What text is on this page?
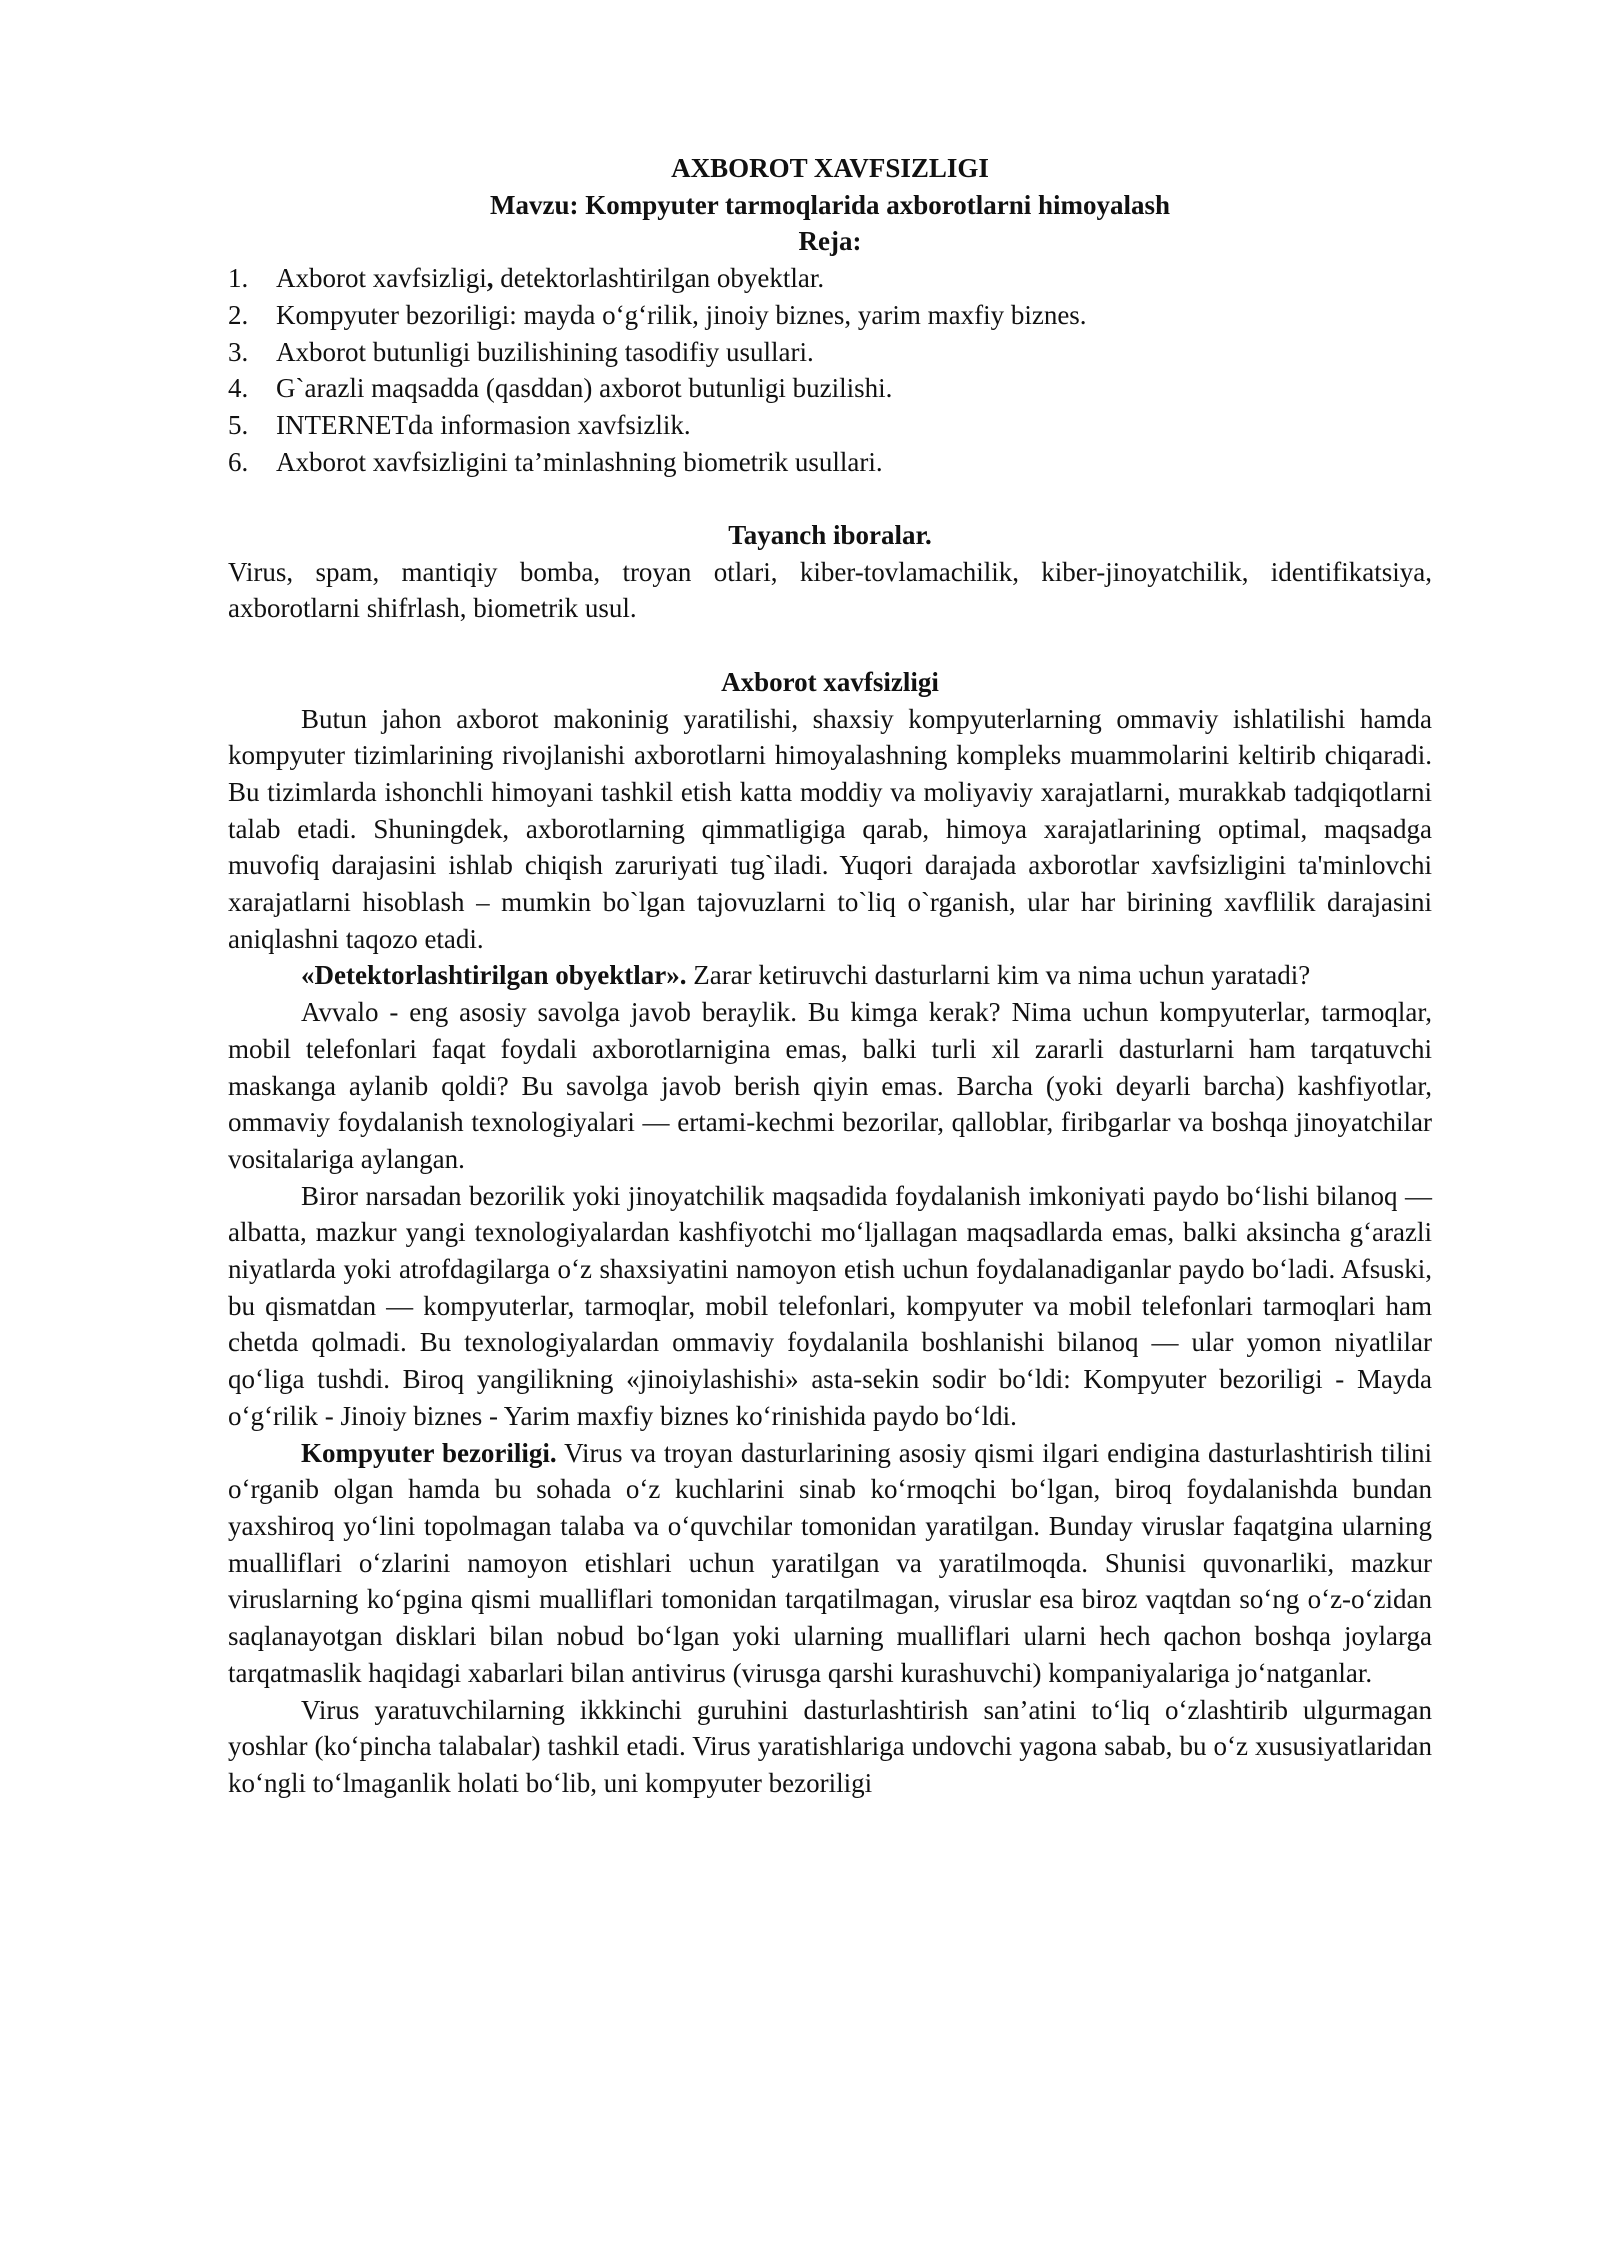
AXBOROT XAVFSIZLIGI

Mavzu: Kompyuter tarmoqlarida axborotlarni himoyalash

Reja:

1.	Axborot xavfsizligi, detektorlashtirilgan obyektlar.
2.	Kompyuter bezoriligi: mayda o‘g‘rilik, jinoiy biznes, yarim maxfiy biznes.
3.	Axborot butunligi buzilishining tasodifiy usullari.
4.	G`arazli maqsadda (qasddan) axborot butunligi buzilishi.
5.	INTERNETda informasion xavfsizlik.
6.	Axborot xavfsizligini ta’minlashning biometrik usullari.

Tayanch iboralar.

Virus, spam, mantiqiy bomba, troyan otlari, kiber-tovlamachilik, kiber-jinoyatchilik, identifikatsiya, axborotlarni shifrlash, biometrik usul.

Axborot xavfsizligi

Butun jahon axborot makoninig yaratilishi, shaxsiy kompyuterlarning ommaviy ishlatilishi hamda kompyuter tizimlarining rivojlanishi axborotlarni himoyalashning kompleks muammolarini keltirib chiqaradi. Bu tizimlarda ishonchli himoyani tashkil etish katta moddiy va moliyaviy xarajatlarni, murakkab tadqiqotlarni talab etadi. Shuningdek, axborotlarning qimmatligiga qarab, himoya xarajatlarining optimal, maqsadga muvofiq darajasini ishlab chiqish zaruriyati tug`iladi. Yuqori darajada axborotlar xavfsizligini ta'minlovchi xarajatlarni hisoblash – mumkin bo`lgan tajovuzlarni to`liq o`rganish, ular har birining xavflilik darajasini aniqlashni taqozo etadi.

«Detektorlashtirilgan obyektlar». Zarar ketiruvchi dasturlarni kim va nima uchun yaratadi?

Avvalo - eng asosiy savolga javob beraylik. Bu kimga kerak? Nima uchun kompyuterlar, tarmoqlar, mobil telefonlari faqat foydali axborotlarnigina emas, balki turli xil zararli dasturlarni ham tarqatuvchi maskanga aylanib qoldi? Bu savolga javob berish qiyin emas. Barcha (yoki deyarli barcha) kashfiyotlar, ommaviy foydalanish texnologiyalari — ertami-kechmi bezorilar, qalloblar, firibgarlar va boshqa jinoyatchilar vositalariga aylangan.

Biror narsadan bezorilik yoki jinoyatchilik maqsadida foydalanish imkoniyati paydo bo‘lishi bilanoq — albatta, mazkur yangi texnologiyalardan kashfiyotchi mo‘ljallagan maqsadlarda emas, balki aksincha g‘arazli niyatlarda yoki atrofdagilarga o‘z shaxsiyatini namoyon etish uchun foydalanadiganlar paydo bo‘ladi. Afsuski, bu qismatdan — kompyuterlar, tarmoqlar, mobil telefonlari, kompyuter va mobil telefonlari tarmoqlari ham chetda qolmadi. Bu texnologiyalardan ommaviy foydalanila boshlanishi bilanoq — ular yomon niyatlilar qo‘liga tushdi. Biroq yangilikning «jinoiylashishi» asta-sekin sodir bo‘ldi: Kompyuter bezoriligi - Mayda o‘g‘rilik - Jinoiy biznes - Yarim maxfiy biznes ko‘rinishida paydo bo‘ldi.

Kompyuter bezoriligi. Virus va troyan dasturlarining asosiy qismi ilgari endigina dasturlashtirish tilini o‘rganib olgan hamda bu sohada o‘z kuchlarini sinab ko‘rmoqchi bo‘lgan, biroq foydalanishda bundan yaxshiroq yo‘lini topolmagan talaba va o‘quvchilar tomonidan yaratilgan. Bunday viruslar faqatgina ularning mualliflari o‘zlarini namoyon etishlari uchun yaratilgan va yaratilmoqda. Shunisi quvonarliki, mazkur viruslarning ko‘pgina qismi mualliflari tomonidan tarqatilmagan, viruslar esa biroz vaqtdan so‘ng o‘z-o‘zidan saqlanayotgan disklari bilan nobud bo‘lgan yoki ularning mualliflari ularni hech qachon boshqa joylarga tarqatmaslik haqidagi xabarlari bilan antivirus (virusga qarshi kurashuvchi) kompaniyalariga jo‘natganlar.

Virus yaratuvchilarning ikkkinchi guruhini dasturlashtirish san’atini to‘liq o‘zlashtirib ulgurmagan yoshlar (ko‘pincha talabalar) tashkil etadi. Virus yaratishlariga undovchi yagona sabab, bu o‘z xususiyatlaridan ko‘ngli to‘lmaganlik holati bo‘lib, uni kompyuter bezoriligi
